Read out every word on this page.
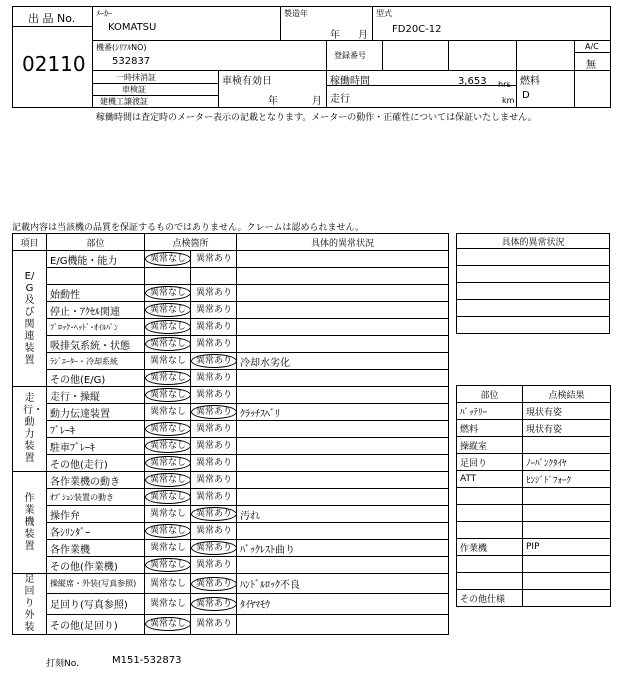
出 品 No.
02110
ﾒｰｶｰ
KOMATSU
製造年
年 月
型式
FD20C-12
機番(ｼﾘｱﾙNO)
532837
登録番号
A/C
無
一時抹消証
車検証
建機工譲渡証
車検有効日
年	月
稼働時間	3,653 hrs
走行	km
燃料
D
稼働時間は査定時のメーター表示の記載となります。メーターの動作・正確性については保証いたしません。
記載内容は当該機の品質を保証するものではありません。クレームは認められません。
項目	部位	点検箇所		具体的異常状況
E/G及び関連装置	E/G機能・能力	異常なし	異常あり	

	始動性	異常なし	異常あり	
	停止・ｱｸｾﾙ関連	異常なし	異常あり	
	ﾌﾞﾛｯｸ･ﾍｯﾄﾞ･ｵｲﾙﾊﾟﾝ	異常なし	異常あり	
	吸排気系統・状態	異常なし	異常あり	
	ﾗｼﾞｴｰﾀｰ・冷却系統	異常なし	異常あり	冷却水劣化
	その他(E/G)	異常なし	異常あり	
走行・動力装置	走行・操縦	異常なし	異常あり	
	動力伝達装置	異常なし	異常あり	ｸﾗｯﾁｽﾍﾞﾘ
	ﾌﾞﾚｰｷ	異常なし	異常あり	
	駐車ﾌﾞﾚｰｷ	異常なし	異常あり	
	その他(走行)	異常なし	異常あり	
作業機装置	各作業機の動き	異常なし	異常あり	
	ｵﾌﾟｼｮﾝ装置の動き	異常なし	異常あり	
	操作弁	異常なし	異常あり	汚れ
	各ｼﾘﾝﾀﾞｰ	異常なし	異常あり	
	各作業機	異常なし	異常あり	ﾊﾞｯｸﾚｽﾄ曲り
	その他(作業機)	異常なし	異常あり	
足回り外装	操縦席・外装(写真参照)	異常なし	異常あり	ﾊﾝﾄﾞﾙﾛｯｸ不良
	足回り(写真参照)	異常なし	異常あり	ﾀｲﾔﾏﾓｳ
	その他(足回り)	異常なし	異常あり	
具体的異常状況

部位	点検結果
ﾊﾞｯﾃﾘｰ	現状有姿
燃料	現状有姿
操縦室	
足回り	ﾉｰﾊﾟﾝｸﾀｲﾔ
ATT	ﾋﾝｼﾞﾄﾞﾌｫｰｸ

作業機	PIP

その他仕様	
打刻No.	M151-532873
